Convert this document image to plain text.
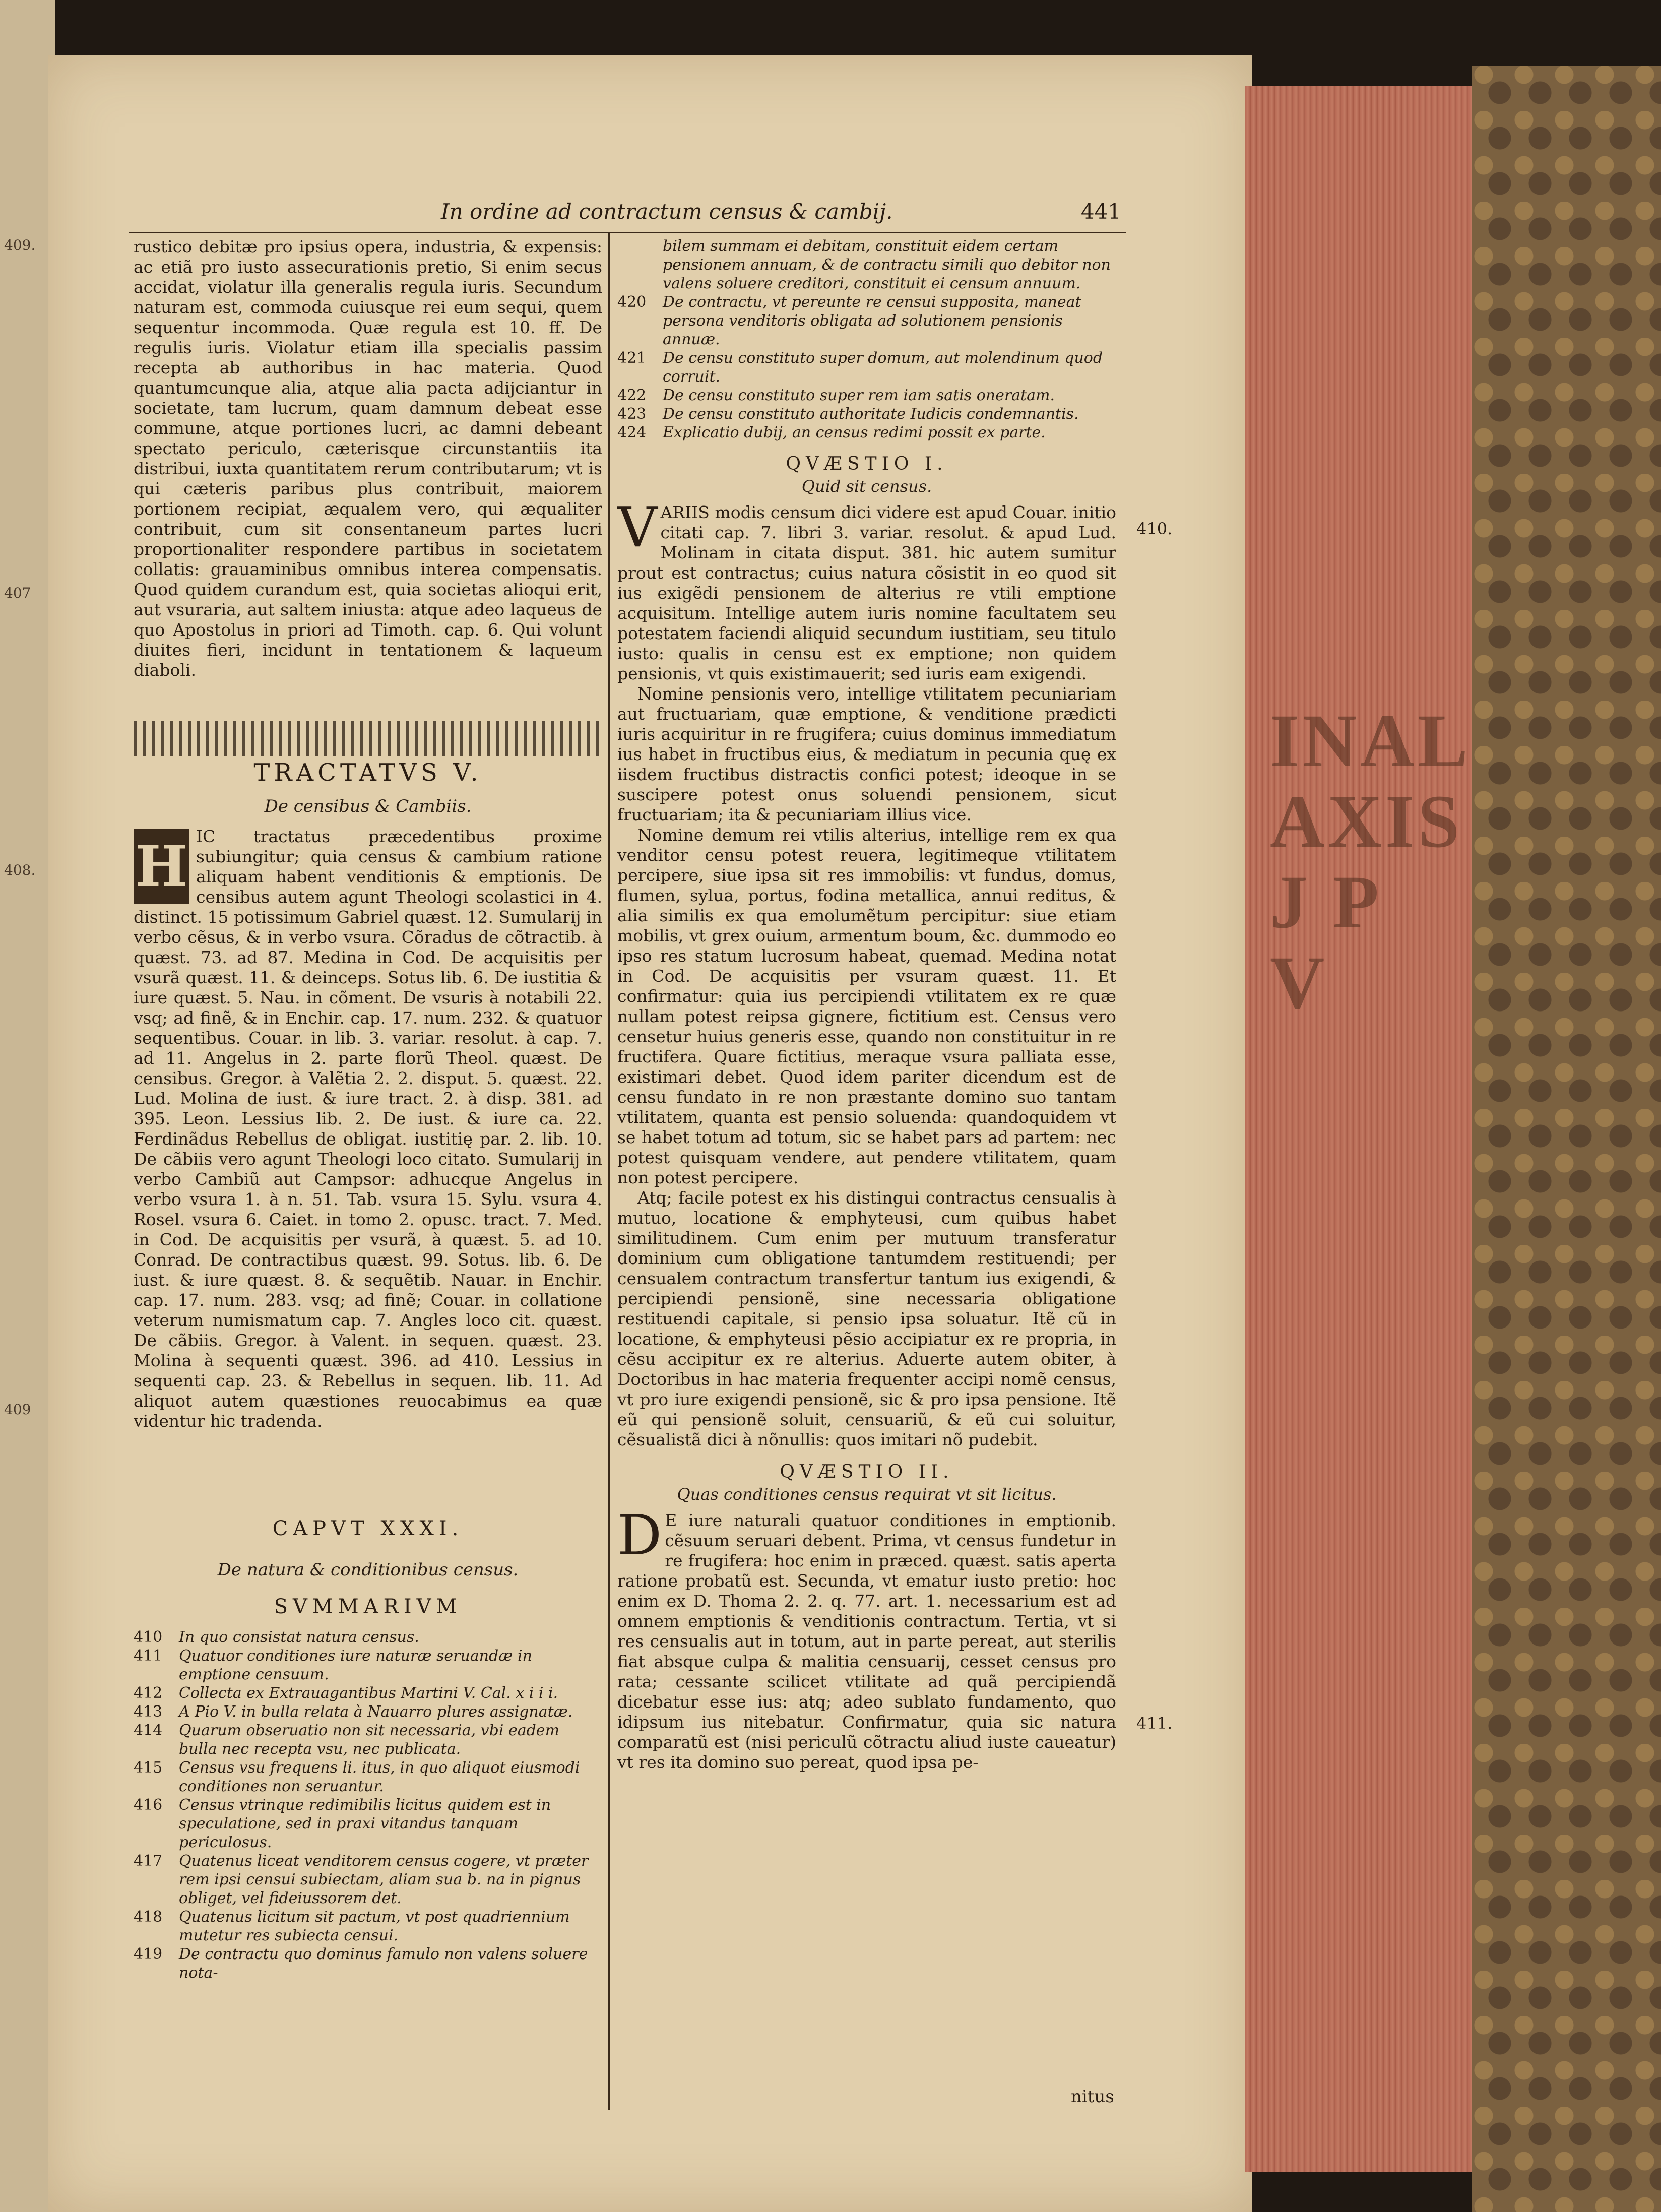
409.
407
408.
409
In ordine ad contractum census & cambij.	441

rustico debitæ pro ipsius opera, industria, & expensis: ac etiã pro iusto assecurationis pretio, Si enim secus accidat, violatur illa generalis regula iuris. Secundum naturam est, commoda cuiusque rei eum sequi, quem sequentur incommoda. Quæ regula est 10. ff. De regulis iuris. Violatur etiam illa specialis passim recepta ab authoribus in hac materia. Quod quantumcunque alia, atque alia pacta adijciantur in societate, tam lucrum, quam damnum debeat esse commune, atque portiones lucri, ac damni debeant spectato periculo, cæterisque circunstantiis ita distribui, iuxta quantitatem rerum contributarum; vt is qui cæteris paribus plus contribuit, maiorem portionem recipiat, æqualem vero, qui æqualiter contribuit, cum sit consentaneum partes lucri proportionaliter respondere partibus in societatem collatis: grauaminibus omnibus interea compensatis. Quod quidem curandum est, quia societas alioqui erit, aut vsuraria, aut saltem iniusta: atque adeo laqueus de quo Apostolus in priori ad Timoth. cap. 6. Qui volunt diuites fieri, incidunt in tentationem & laqueum diaboli.

TRACTATVS V.
De censibus & Cambiis.
H IC tractatus præcedentibus proxime subiungitur; quia census & cambium ratione aliquam habent venditionis & emptionis. De censibus autem agunt Theologi scolastici in 4. distinct. 15 potissimum Gabriel quæst. 12. Sumularij in verbo cẽsus, & in verbo vsura. Cõradus de cõtractib. à quæst. 73. ad 87. Medina in Cod. De acquisitis per vsurã quæst. 11. & deinceps. Sotus lib. 6. De iustitia & iure quæst. 5. Nau. in cõment. De vsuris à notabili 22. vsq; ad finẽ, & in Enchir. cap. 17. num. 232. & quatuor sequentibus. Couar. in lib. 3. variar. resolut. à cap. 7. ad 11. Angelus in 2. parte florũ Theol. quæst. De censibus. Gregor. à Valẽtia 2. 2. disput. 5. quæst. 22. Lud. Molina de iust. & iure tract. 2. à disp. 381. ad 395. Leon. Lessius lib. 2. De iust. & iure ca. 22. Ferdinãdus Rebellus de obligat. iustitię par. 2. lib. 10. De cãbiis vero agunt Theologi loco citato. Sumularij in verbo Cambiũ aut Campsor: adhucque Angelus in verbo vsura 1. à n. 51. Tab. vsura 15. Sylu. vsura 4. Rosel. vsura 6. Caiet. in tomo 2. opusc. tract. 7. Med. in Cod. De acquisitis per vsurã, à quæst. 5. ad 10. Conrad. De contractibus quæst. 99. Sotus. lib. 6. De iust. & iure quæst. 8. & sequẽtib. Nauar. in Enchir. cap. 17. num. 283. vsq; ad finẽ; Couar. in collatione veterum numismatum cap. 7. Angles loco cit. quæst. De cãbiis. Gregor. à Valent. in sequen. quæst. 23. Molina à sequenti quæst. 396. ad 410. Lessius in sequenti cap. 23. & Rebellus in sequen. lib. 11. Ad aliquot autem quæstiones reuocabimus ea quæ videntur hic tradenda.

CAPVT XXXI.
De natura & conditionibus census.
SVMMARIVM
410 In quo consistat natura census.
411 Quatuor conditiones iure naturæ seruandæ in emptione censuum.
412 Collecta ex Extrauagantibus Martini V. Cal. x i i i.
413 A Pio V. in bulla relata à Nauarro plures assignatæ.
414 Quarum obseruatio non sit necessaria, vbi eadem bulla nec recepta vsu, nec publicata.
415 Census vsu frequens li. itus, in quo aliquot eiusmodi conditiones non seruantur.
416 Census vtrinque redimibilis licitus quidem est in speculatione, sed in praxi vitandus tanquam periculosus.
417 Quatenus liceat venditorem census cogere, vt præter rem ipsi censui subiectam, aliam sua b. na in pignus obliget, vel fideiussorem det.
418 Quatenus licitum sit pactum, vt post quadriennium mutetur res subiecta censui.
419 De contractu quo dominus famulo non valens soluere nota-
bilem summam ei debitam, constituit eidem certam pensionem annuam, & de contractu simili quo debitor non valens soluere creditori, constituit ei censum annuum.
420 De contractu, vt pereunte re censui supposita, maneat persona venditoris obligata ad solutionem pensionis annuæ.
421 De censu constituto super domum, aut molendinum quod corruit.
422 De censu constituto super rem iam satis oneratam.
423 De censu constituto authoritate Iudicis condemnantis.
424 Explicatio dubij, an census redimi possit ex parte.
QVÆSTIO I.
Quid sit census.

VARIIS modis censum dici videre est apud Couar. initio citati cap. 7. libri 3. variar. resolut. & apud Lud. Molinam in citata disput. 381. hic autem sumitur prout est contractus; cuius natura cõsistit in eo quod sit ius exigẽdi pensionem de alterius re vtili emptione acquisitum. Intellige autem iuris nomine facultatem seu potestatem faciendi aliquid secundum iustitiam, seu titulo iusto: qualis in censu est ex emptione; non quidem pensionis, vt quis existimauerit; sed iuris eam exigendi.

Nomine pensionis vero, intellige vtilitatem pecuniariam aut fructuariam, quæ emptione, & venditione prædicti iuris acquiritur in re frugifera; cuius dominus immediatum ius habet in fructibus eius, & mediatum in pecunia quę ex iisdem fructibus distractis confici potest; ideoque in se suscipere potest onus soluendi pensionem, sicut fructuariam; ita & pecuniariam illius vice.

Nomine demum rei vtilis alterius, intellige rem ex qua venditor censu potest reuera, legitimeque vtilitatem percipere, siue ipsa sit res immobilis: vt fundus, domus, flumen, sylua, portus, fodina metallica, annui reditus, & alia similis ex qua emolumẽtum percipitur: siue etiam mobilis, vt grex ouium, armentum boum, &c. dummodo eo ipso res statum lucrosum habeat, quemad. Medina notat in Cod. De acquisitis per vsuram quæst. 11. Et confirmatur: quia ius percipiendi vtilitatem ex re quæ nullam potest reipsa gignere, fictitium est. Census vero censetur huius generis esse, quando non constituitur in re fructifera. Quare fictitius, meraque vsura palliata esse, existimari debet. Quod idem pariter dicendum est de censu fundato in re non præstante domino suo tantam vtilitatem, quanta est pensio soluenda: quandoquidem vt se habet totum ad totum, sic se habet pars ad partem: nec potest quisquam vendere, aut pendere vtilitatem, quam non potest percipere.

Atq; facile potest ex his distingui contractus censualis à mutuo, locatione & emphyteusi, cum quibus habet similitudinem. Cum enim per mutuum transferatur dominium cum obligatione tantumdem restituendi; per censualem contractum transfertur tantum ius exigendi, & percipiendi pensionẽ, sine necessaria obligatione restituendi capitale, si pensio ipsa soluatur. Itẽ cũ in locatione, & emphyteusi pẽsio accipiatur ex re propria, in cẽsu accipitur ex re alterius. Aduerte autem obiter, à Doctoribus in hac materia frequenter accipi nomẽ census, vt pro iure exigendi pensionẽ, sic & pro ipsa pensione. Itẽ eũ qui pensionẽ soluit, censuariũ, & eũ cui soluitur, cẽsualistã dici à nõnullis: quos imitari nõ pudebit.

QVÆSTIO II.
Quas conditiones census requirat vt sit licitus.

D E iure naturali quatuor conditiones in emptionib. cẽsuum seruari debent. Prima, vt census fundetur in re frugifera: hoc enim in præced. quæst. satis aperta ratione probatũ est. Secunda, vt ematur iusto pretio: hoc enim ex D. Thoma 2. 2. q. 77. art. 1. necessarium est ad omnem emptionis & venditionis contractum. Tertia, vt si res censualis aut in totum, aut in parte pereat, aut sterilis fiat absque culpa & malitia censuarij, cesset census pro rata; cessante scilicet vtilitate ad quã percipiendã dicebatur esse ius: atq; adeo sublato fundamento, quo idipsum ius nitebatur. Confirmatur, quia sic natura comparatũ est (nisi periculũ cõtractu aliud iuste caueatur) vt res ita domino suo pereat, quod ipsa pe-

410.
411.
nitus
INAL
AXIS
J P
V
